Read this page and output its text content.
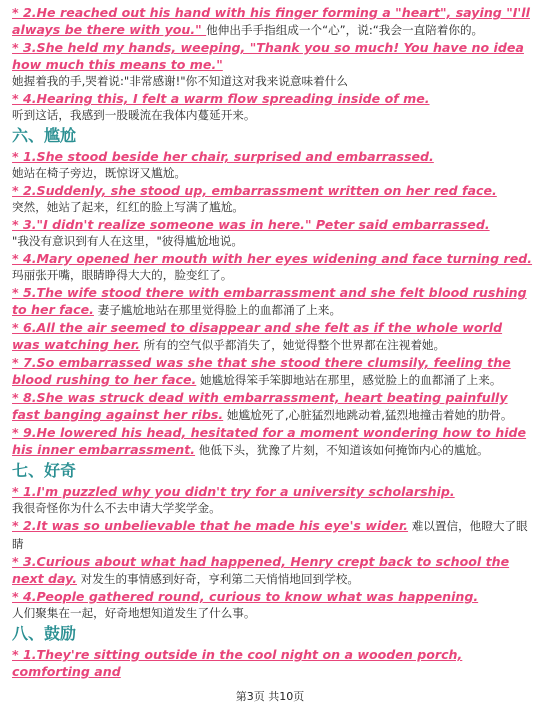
* 2.He reached out his hand with his finger forming a "heart", saying "I'll always be there with you." 他伸出手手指组成一个“心”，说:“我会一直陪着你的。
* 3.She held my hands, weeping, "Thank you so much! You have no idea how much this means to me."
她握着我的手,哭着说:"非常感谢!"你不知道这对我来说意味着什么
* 4.Hearing this, I felt a warm flow spreading inside of me.
听到这话，我感到一股暖流在我体内蔓延开来。
六、尴尬
* 1.She stood beside her chair, surprised and embarrassed.
她站在椅子旁边，既惊讶又尴尬。
* 2.Suddenly, she stood up, embarrassment written on her red face.
突然，她站了起来，红红的脸上写满了尴尬。
* 3."I didn't realize someone was in here." Peter said embarrassed.
"我没有意识到有人在这里，"彼得尴尬地说。
* 4.Mary opened her mouth with her eyes widening and face turning red.
玛丽张开嘴，眼睛睁得大大的，脸变红了。
* 5.The wife stood there with embarrassment and she felt blood rushing to her face. 妻子尴尬地站在那里觉得脸上的血都涌了上来。
* 6.All the air seemed to disappear and she felt as if the whole world was watching her. 所有的空气似乎都消失了，她觉得整个世界都在注视着她。
* 7.So embarrassed was she that she stood there clumsily, feeling the blood rushing to her face. 她尴尬得笨手笨脚地站在那里，感觉脸上的血都涌了上来。
* 8.She was struck dead with embarrassment, heart beating painfully fast banging against her ribs. 她尴尬死了,心脏猛烈地跳动着,猛烈地撞击着她的肋骨。
* 9.He lowered his head, hesitated for a moment wondering how to hide his inner embarrassment. 他低下头，犹豫了片刻，不知道该如何掩饰内心的尴尬。
七、好奇
* 1.I'm puzzled why you didn't try for a university scholarship.
我很奇怪你为什么不去申请大学奖学金。
* 2.It was so unbelievable that he made his eye's wider. 难以置信，他瞪大了眼睛
* 3.Curious about what had happened, Henry crept back to school the next day. 对发生的事情感到好奇，亨利第二天悄悄地回到学校。
* 4.People gathered round, curious to know what was happening.
人们聚集在一起，好奇地想知道发生了什么事。
八、鼓励
* 1.They're sitting outside in the cool night on a wooden porch, comforting and
第3页 共10页
